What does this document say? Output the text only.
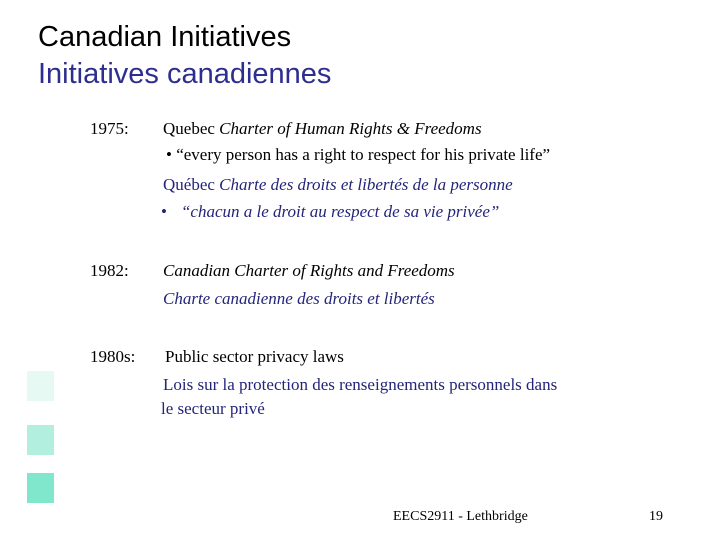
Canadian Initiatives
Initiatives canadiennes
1975: Quebec Charter of Human Rights & Freedoms
• “every person has a right to respect for his private life”
Québec Charte des droits et libertés de la personne
• “chacun a le droit au respect de sa vie privée”
1982: Canadian Charter of Rights and Freedoms
Charte canadienne des droits et libertés
1980s: Public sector privacy laws
Lois sur la protection des renseignements personnels dans
le secteur privé
EECS2911 - Lethbridge	19
